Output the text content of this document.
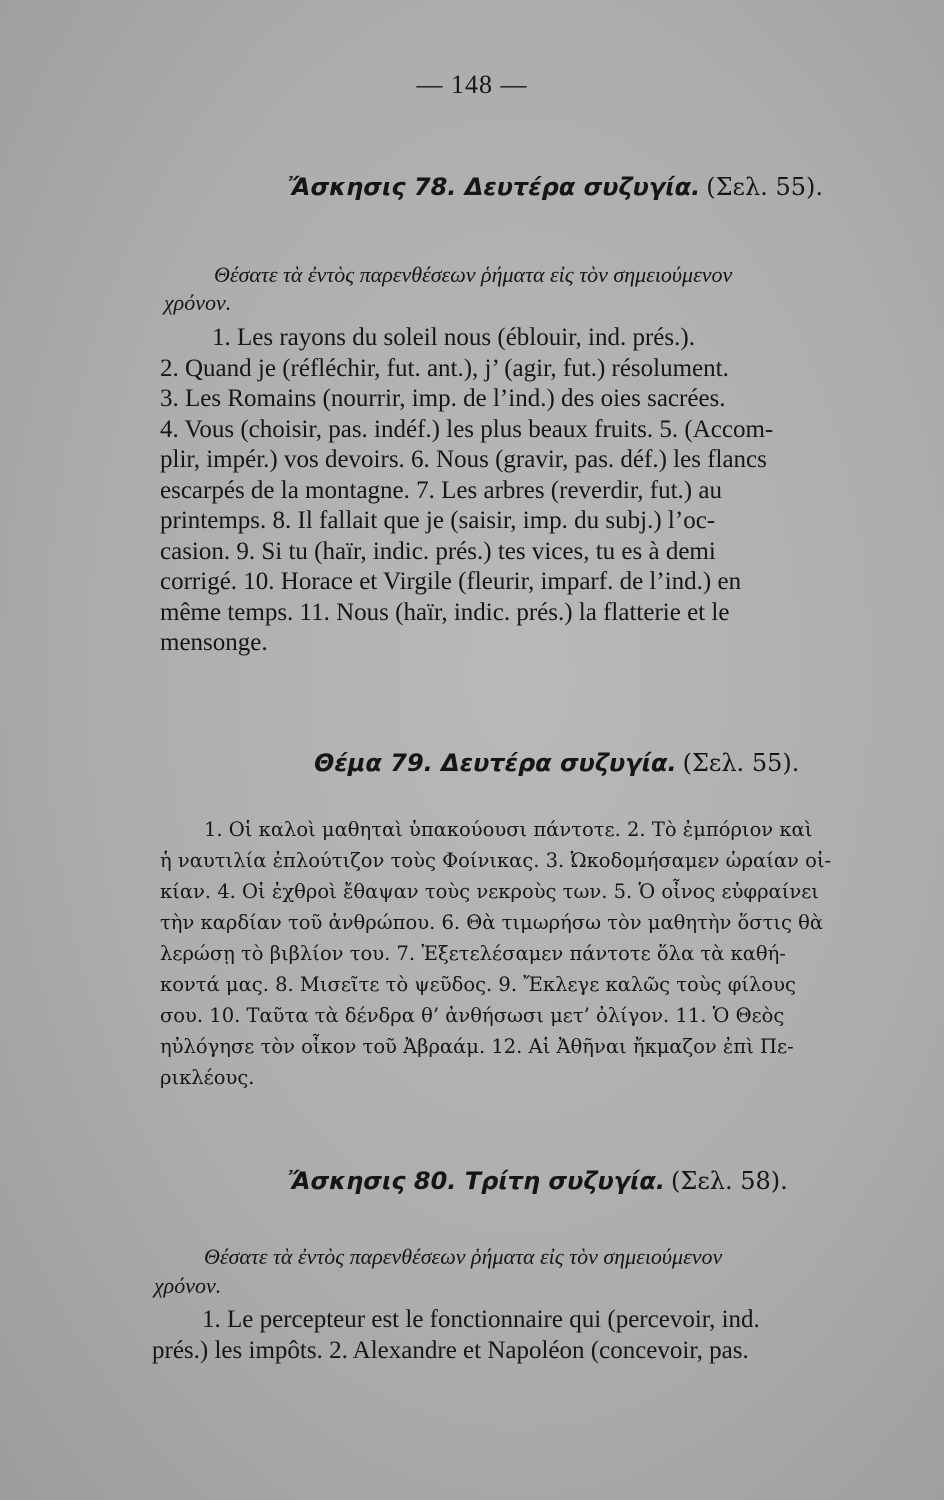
— 148 —
Ἄσκησις 78. Δευτέρα συζυγία. (Σελ. 55).
Θέσατε τὰ ἐντὸς παρενθέσεων ῥήματα εἰς τὸν σημειούμενον
χρόνον.
1. Les rayons du soleil nous (éblouir, ind. prés.).
2. Quand je (réfléchir, fut. ant.), j’ (agir, fut.) résolument.
3. Les Romains (nourrir, imp. de l’ind.) des oies sacrées.
4. Vous (choisir, pas. indéf.) les plus beaux fruits. 5. (Accom-
plir, impér.) vos devoirs. 6. Nous (gravir, pas. déf.) les flancs
escarpés de la montagne. 7. Les arbres (reverdir, fut.) au
printemps. 8. Il fallait que je (saisir, imp. du subj.) l’oc-
casion. 9. Si tu (haïr, indic. prés.) tes vices, tu es à demi
corrigé. 10. Horace et Virgile (fleurir, imparf. de l’ind.) en
même temps. 11. Nous (haïr, indic. prés.) la flatterie et le
mensonge.
Θέμα 79. Δευτέρα συζυγία. (Σελ. 55).
1. Οἱ καλοὶ μαθηταὶ ὑπακούουσι πάντοτε. 2. Τὸ ἐμπόριον καὶ
ἡ ναυτιλία ἐπλούτιζον τοὺς Φοίνικας. 3. Ὠκοδομήσαμεν ὡραίαν οἰ-
κίαν. 4. Οἱ ἐχθροὶ ἔθαψαν τοὺς νεκροὺς των. 5. Ὁ οἶνος εὐφραίνει
τὴν καρδίαν τοῦ ἀνθρώπου. 6. Θὰ τιμωρήσω τὸν μαθητὴν ὅστις θὰ
λερώσῃ τὸ βιβλίον του. 7. Ἐξετελέσαμεν πάντοτε ὅλα τὰ καθή-
κοντά μας. 8. Μισεῖτε τὸ ψεῦδος. 9. Ἔκλεγε καλῶς τοὺς φίλους
σου. 10. Ταῦτα τὰ δένδρα θ’ ἀνθήσωσι μετ’ ὀλίγον. 11. Ὁ Θεὸς
ηὐλόγησε τὸν οἶκον τοῦ Ἀβραάμ. 12. Αἱ Ἀθῆναι ἤκμαζον ἐπὶ Πε-
ρικλέους.
Ἄσκησις 80. Τρίτη συζυγία. (Σελ. 58).
Θέσατε τὰ ἐντὸς παρενθέσεων ῥήματα εἰς τὸν σημειούμενον
χρόνον.
1. Le percepteur est le fonctionnaire qui (percevoir, ind.
prés.) les impôts. 2. Alexandre et Napoléon (concevoir, pas.
